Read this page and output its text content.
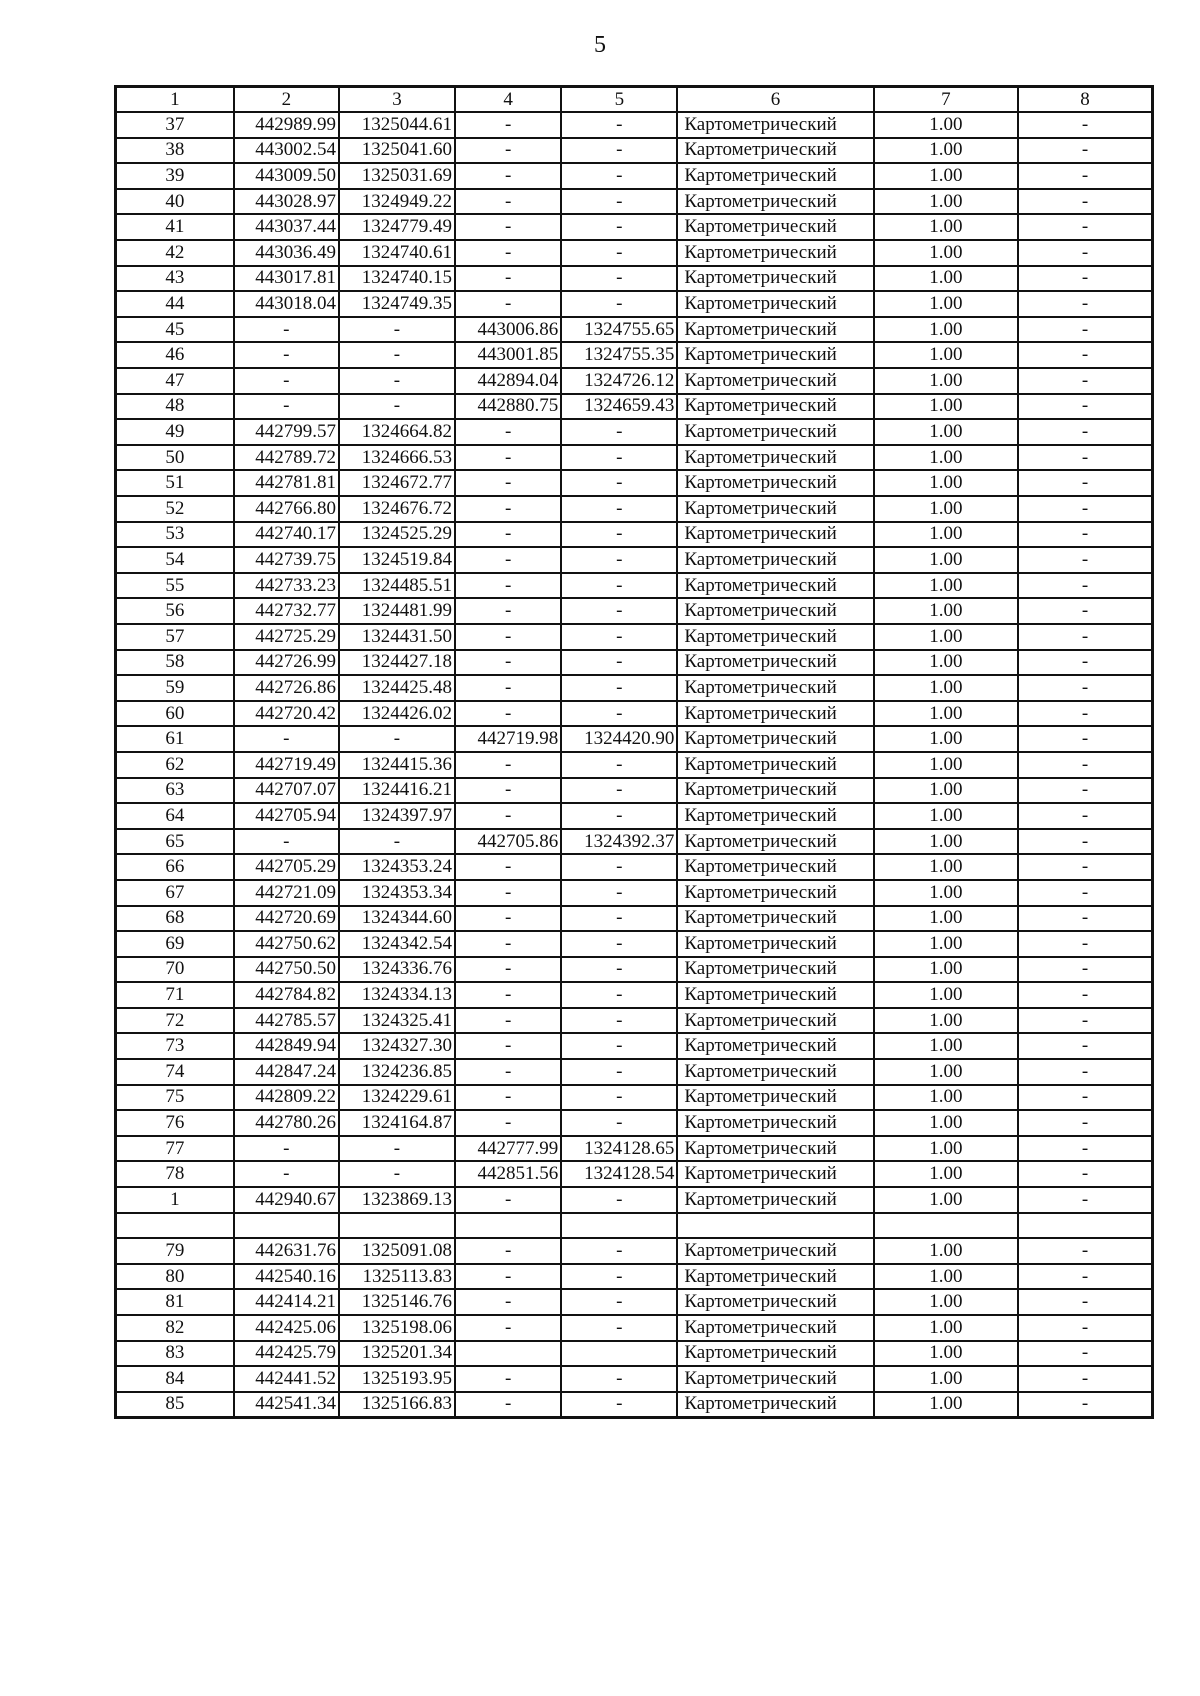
5
1	2	3	4	5	6	7	8
37	442989.99	1325044.61	-	-	Картометрический	1.00	-
38	443002.54	1325041.60	-	-	Картометрический	1.00	-
39	443009.50	1325031.69	-	-	Картометрический	1.00	-
40	443028.97	1324949.22	-	-	Картометрический	1.00	-
41	443037.44	1324779.49	-	-	Картометрический	1.00	-
42	443036.49	1324740.61	-	-	Картометрический	1.00	-
43	443017.81	1324740.15	-	-	Картометрический	1.00	-
44	443018.04	1324749.35	-	-	Картометрический	1.00	-
45	-	-	443006.86	1324755.65	Картометрический	1.00	-
46	-	-	443001.85	1324755.35	Картометрический	1.00	-
47	-	-	442894.04	1324726.12	Картометрический	1.00	-
48	-	-	442880.75	1324659.43	Картометрический	1.00	-
49	442799.57	1324664.82	-	-	Картометрический	1.00	-
50	442789.72	1324666.53	-	-	Картометрический	1.00	-
51	442781.81	1324672.77	-	-	Картометрический	1.00	-
52	442766.80	1324676.72	-	-	Картометрический	1.00	-
53	442740.17	1324525.29	-	-	Картометрический	1.00	-
54	442739.75	1324519.84	-	-	Картометрический	1.00	-
55	442733.23	1324485.51	-	-	Картометрический	1.00	-
56	442732.77	1324481.99	-	-	Картометрический	1.00	-
57	442725.29	1324431.50	-	-	Картометрический	1.00	-
58	442726.99	1324427.18	-	-	Картометрический	1.00	-
59	442726.86	1324425.48	-	-	Картометрический	1.00	-
60	442720.42	1324426.02	-	-	Картометрический	1.00	-
61	-	-	442719.98	1324420.90	Картометрический	1.00	-
62	442719.49	1324415.36	-	-	Картометрический	1.00	-
63	442707.07	1324416.21	-	-	Картометрический	1.00	-
64	442705.94	1324397.97	-	-	Картометрический	1.00	-
65	-	-	442705.86	1324392.37	Картометрический	1.00	-
66	442705.29	1324353.24	-	-	Картометрический	1.00	-
67	442721.09	1324353.34	-	-	Картометрический	1.00	-
68	442720.69	1324344.60	-	-	Картометрический	1.00	-
69	442750.62	1324342.54	-	-	Картометрический	1.00	-
70	442750.50	1324336.76	-	-	Картометрический	1.00	-
71	442784.82	1324334.13	-	-	Картометрический	1.00	-
72	442785.57	1324325.41	-	-	Картометрический	1.00	-
73	442849.94	1324327.30	-	-	Картометрический	1.00	-
74	442847.24	1324236.85	-	-	Картометрический	1.00	-
75	442809.22	1324229.61	-	-	Картометрический	1.00	-
76	442780.26	1324164.87	-	-	Картометрический	1.00	-
77	-	-	442777.99	1324128.65	Картометрический	1.00	-
78	-	-	442851.56	1324128.54	Картометрический	1.00	-
1	442940.67	1323869.13	-	-	Картометрический	1.00	-

79	442631.76	1325091.08	-	-	Картометрический	1.00	-
80	442540.16	1325113.83	-	-	Картометрический	1.00	-
81	442414.21	1325146.76	-	-	Картометрический	1.00	-
82	442425.06	1325198.06	-	-	Картометрический	1.00	-
83	442425.79	1325201.34			Картометрический	1.00	-
84	442441.52	1325193.95	-	-	Картометрический	1.00	-
85	442541.34	1325166.83	-	-	Картометрический	1.00	-
